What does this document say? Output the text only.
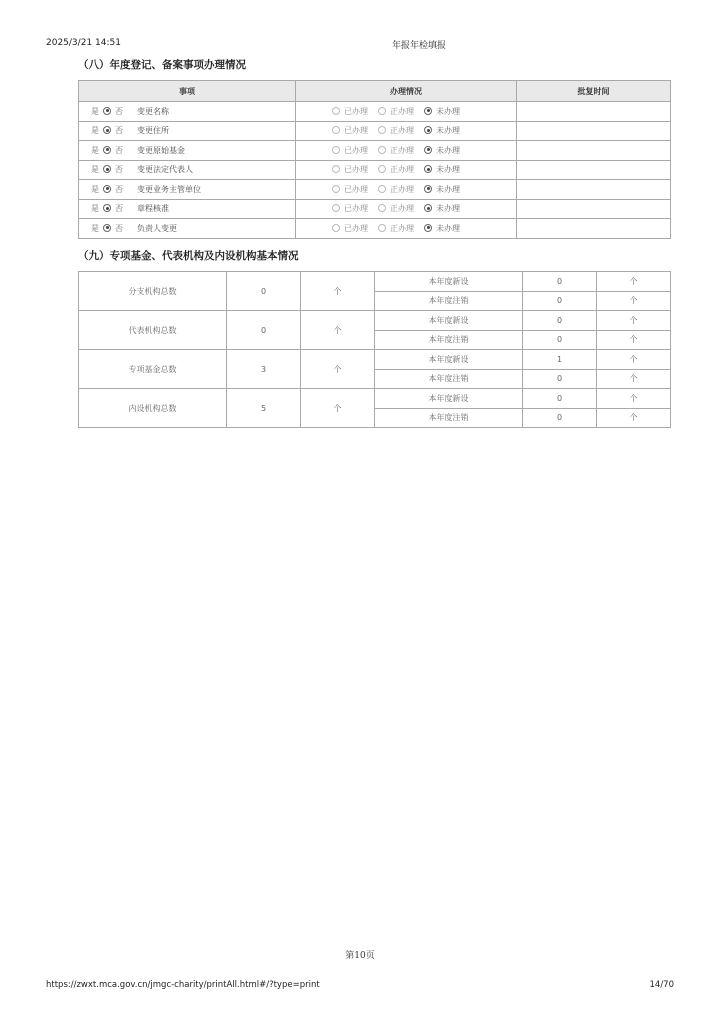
2025/3/21 14:51	年报年检填报
（八）年度登记、备案事项办理情况
事项	办理情况	批复时间
是 否 变更名称	已办理 正办理 未办理	
是 否 变更住所	已办理 正办理 未办理	
是 否 变更原始基金	已办理 正办理 未办理	
是 否 变更法定代表人	已办理 正办理 未办理	
是 否 变更业务主管单位	已办理 正办理 未办理	
是 否 章程核准	已办理 正办理 未办理	
是 否 负责人变更	已办理 正办理 未办理	
（九）专项基金、代表机构及内设机构基本情况
分支机构总数	0	个	本年度新设	0	个
			本年度注销	0	个
代表机构总数	0	个	本年度新设	0	个
			本年度注销	0	个
专项基金总数	3	个	本年度新设	1	个
			本年度注销	0	个
内设机构总数	5	个	本年度新设	0	个
			本年度注销	0	个
第10页
https://zwxt.mca.gov.cn/jmgc-charity/printAll.html#/?type=print	14/70
